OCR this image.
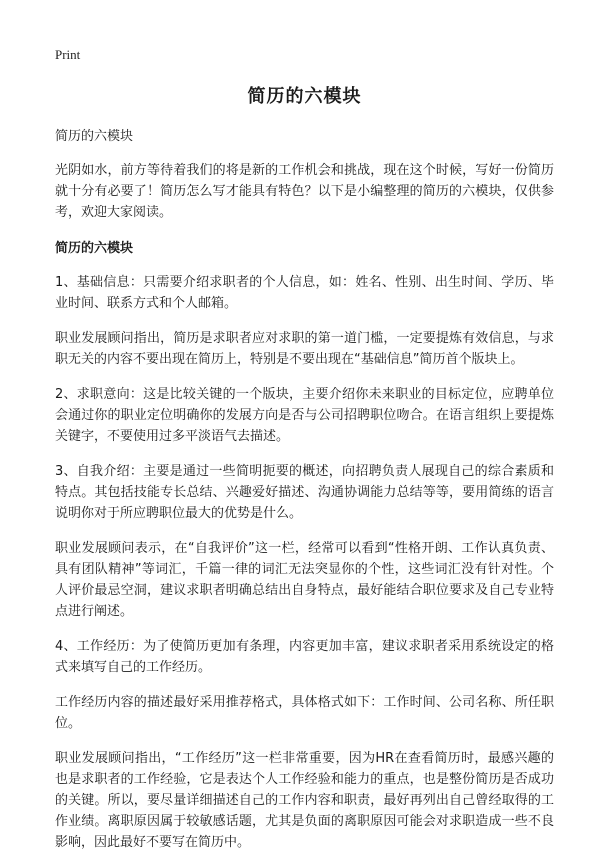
Print
简历的六模块

简历的六模块

光阴如水，前方等待着我们的将是新的工作机会和挑战，现在这个时候，写好一份简历就十分有必要了！简历怎么写才能具有特色？以下是小编整理的简历的六模块，仅供参考，欢迎大家阅读。

简历的六模块

1、基础信息：只需要介绍求职者的个人信息，如：姓名、性别、出生时间、学历、毕业时间、联系方式和个人邮箱。

职业发展顾问指出，简历是求职者应对求职的第一道门槛，一定要提炼有效信息，与求职无关的内容不要出现在简历上，特别是不要出现在“基础信息”简历首个版块上。

2、求职意向：这是比较关键的一个版块，主要介绍你未来职业的目标定位，应聘单位会通过你的职业定位明确你的发展方向是否与公司招聘职位吻合。在语言组织上要提炼关键字，不要使用过多平淡语气去描述。

3、自我介绍：主要是通过一些简明扼要的概述，向招聘负责人展现自己的综合素质和特点。其包括技能专长总结、兴趣爱好描述、沟通协调能力总结等等，要用简练的语言说明你对于所应聘职位最大的优势是什么。

职业发展顾问表示，在“自我评价”这一栏，经常可以看到“性格开朗、工作认真负责、具有团队精神”等词汇，千篇一律的词汇无法突显你的个性，这些词汇没有针对性。个人评价最忌空洞，建议求职者明确总结出自身特点，最好能结合职位要求及自己专业特点进行阐述。

4、工作经历：为了使简历更加有条理，内容更加丰富，建议求职者采用系统设定的格式来填写自己的工作经历。

工作经历内容的描述最好采用推荐格式，具体格式如下：工作时间、公司名称、所任职位。

职业发展顾问指出，“工作经历”这一栏非常重要，因为HR在查看简历时，最感兴趣的也是求职者的工作经验，它是表达个人工作经验和能力的重点，也是整份简历是否成功的关键。所以，要尽量详细描述自己的工作内容和职责，最好再列出自己曾经取得的工作业绩。离职原因属于较敏感话题，尤其是负面的离职原因可能会对求职造成一些不良影响，因此最好不要写在简历中。
